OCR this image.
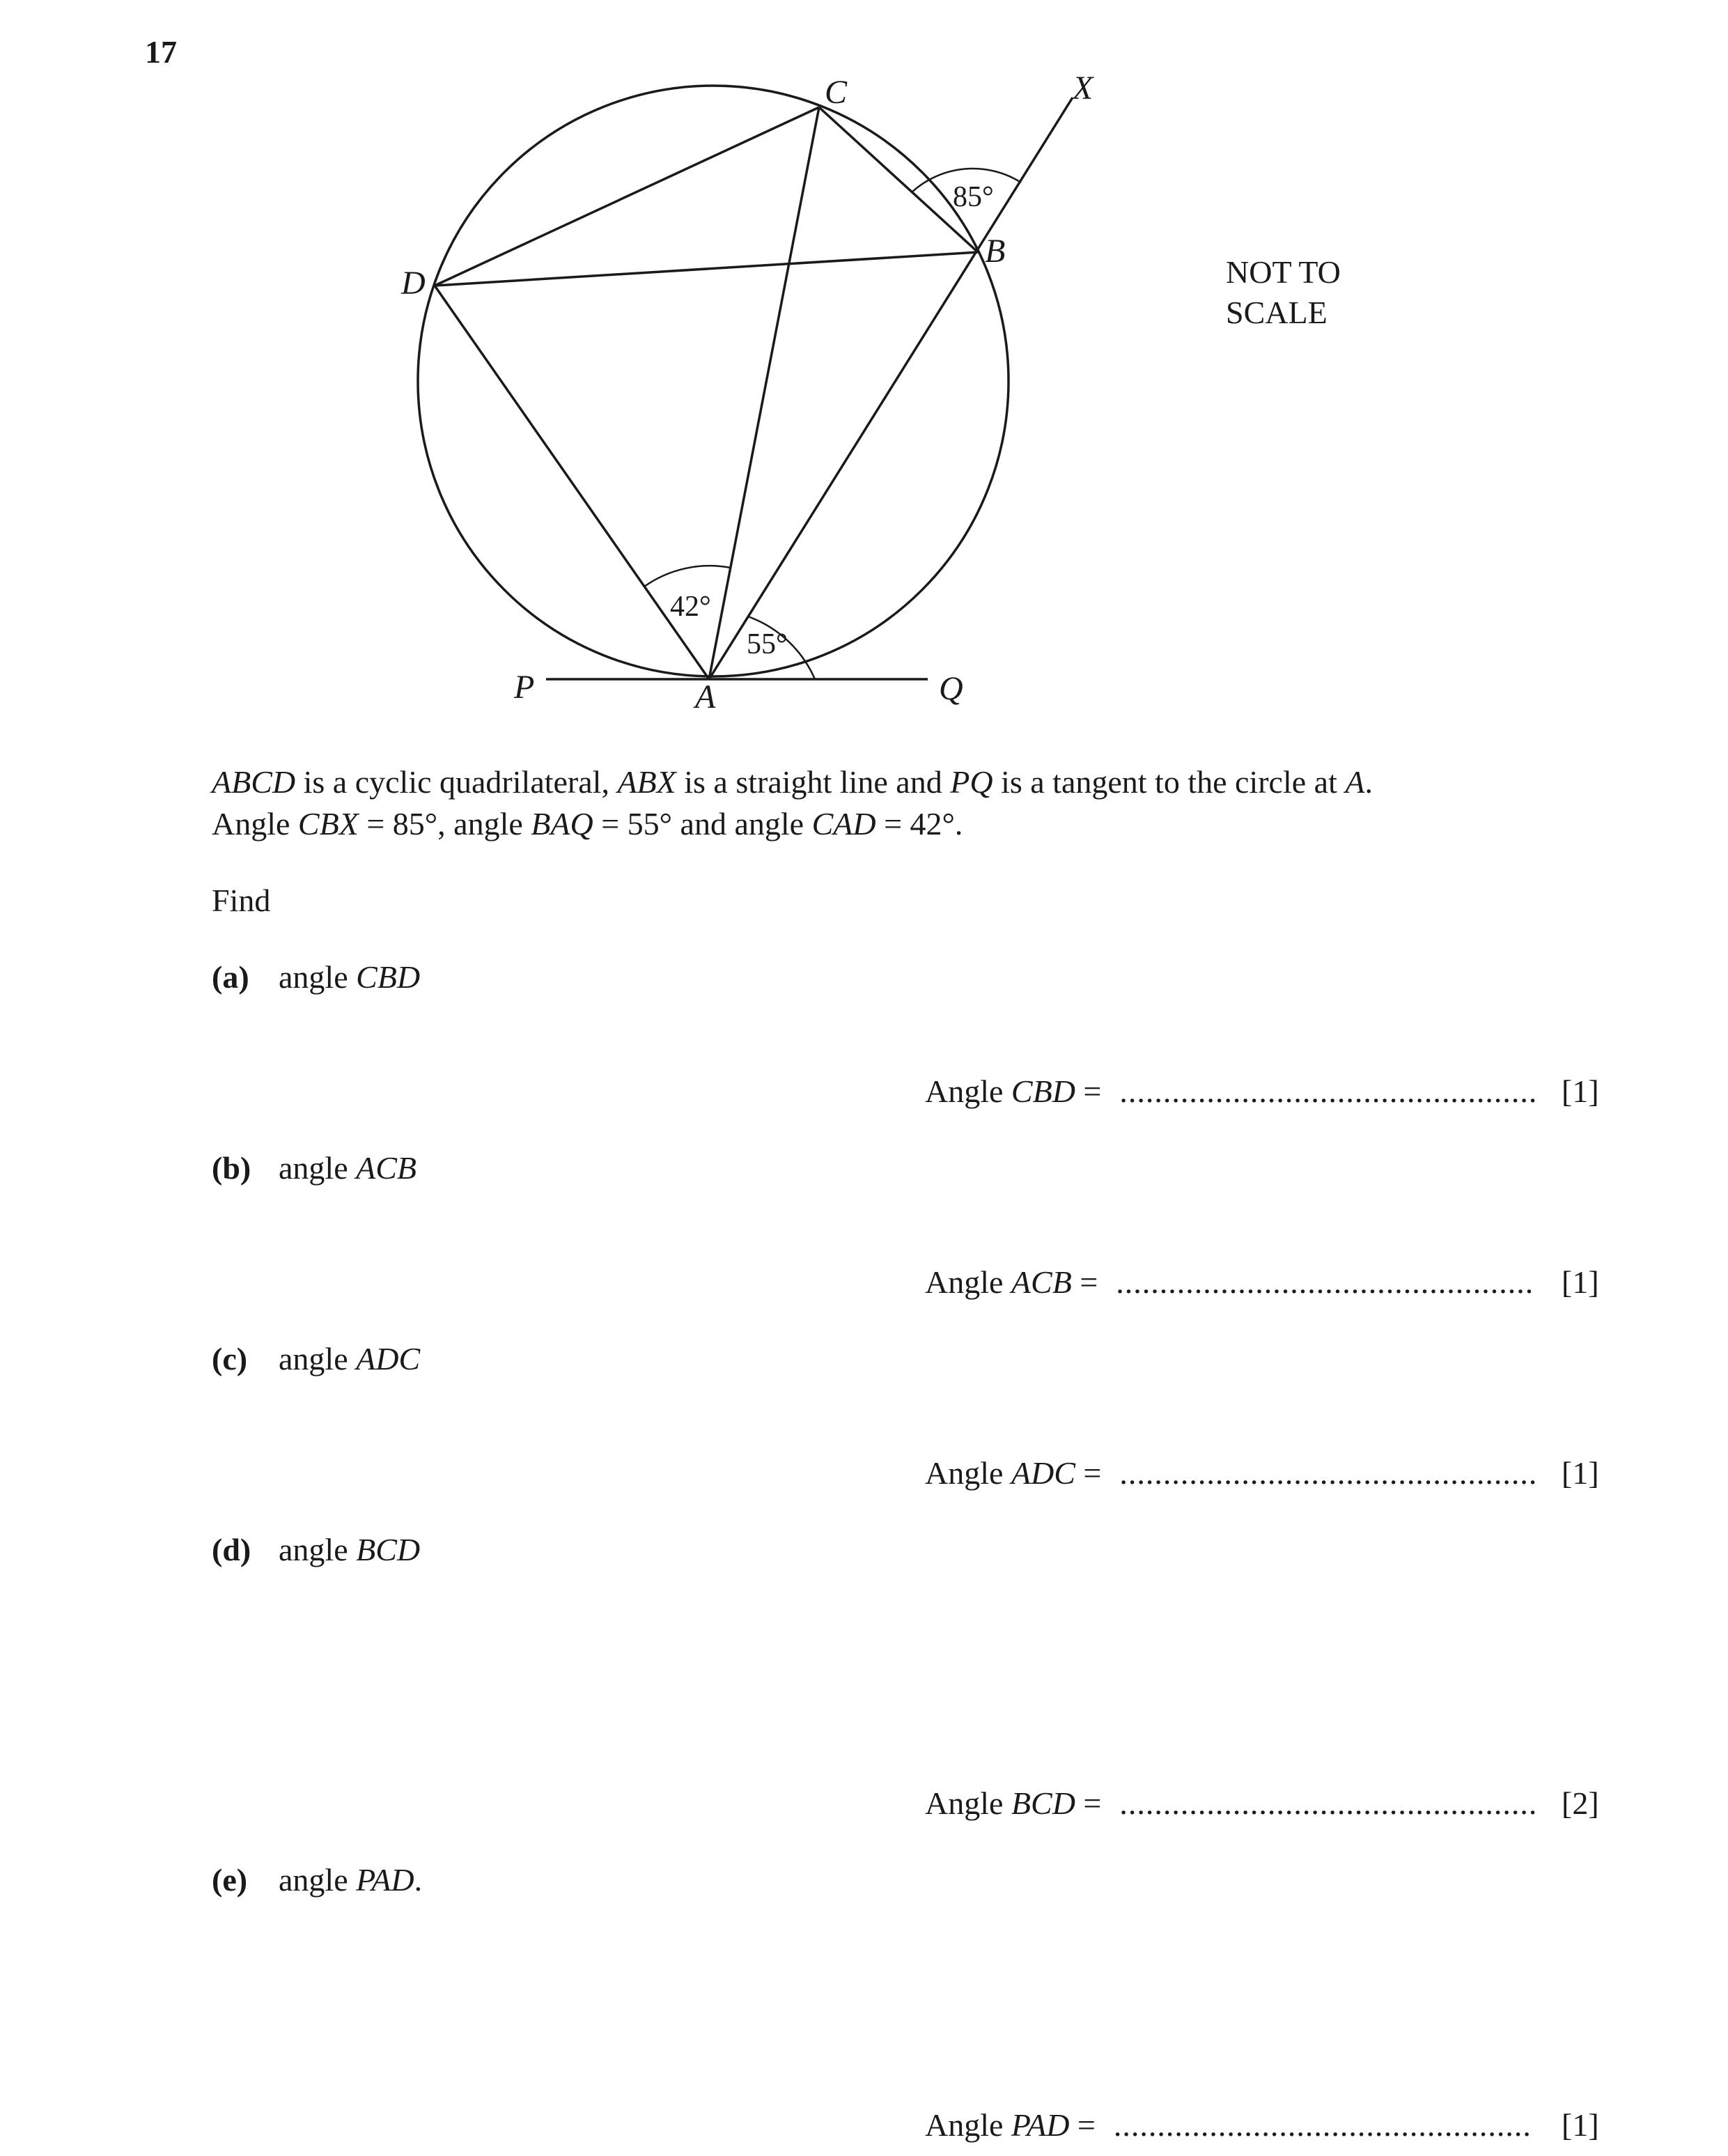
17
C	X
B
D
P	A	Q
85°
42°
55°
NOT TO
SCALE
ABCD is a cyclic quadrilateral, ABX is a straight line and PQ is a tangent to the circle at A.
Angle CBX = 85°, angle BAQ = 55° and angle CAD = 42°.
Find
(a) angle CBD
Angle CBD = ................................................ [1]
(b) angle ACB
Angle ACB = ................................................ [1]
(c) angle ADC
Angle ADC = ................................................ [1]
(d) angle BCD
Angle BCD = ................................................ [2]
(e) angle PAD.
Angle PAD = ................................................ [1]
